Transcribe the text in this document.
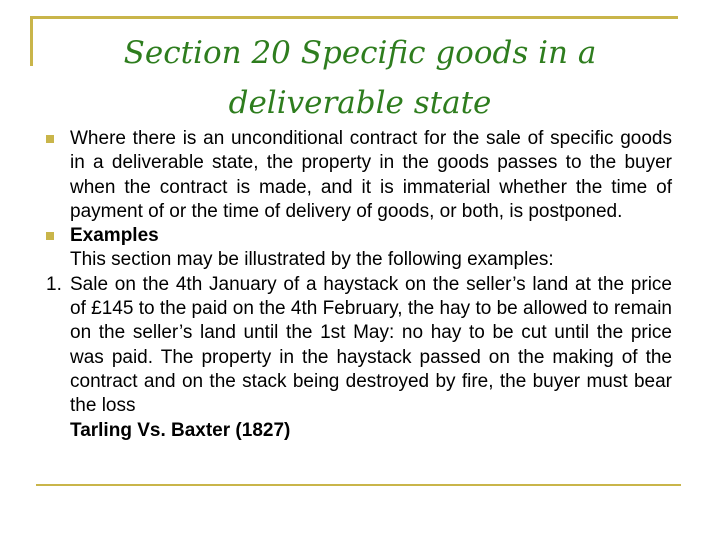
Section 20 Specific goods in a
deliverable state
Where there is an unconditional contract for the sale of specific goods in a deliverable state, the property in the goods passes to the buyer when the contract is made, and it is immaterial whether the time of payment of or the time of delivery of goods, or both, is postponed.
Examples
This section may be illustrated by the following examples:
1. Sale on the 4th January of a haystack on the seller’s land at the price of £145 to the paid on the 4th February, the hay to be allowed to remain on the seller’s land until the 1st May: no hay to be cut until the price was paid. The property in the haystack passed on the making of the contract and on the stack being destroyed by fire, the buyer must bear the loss
Tarling Vs. Baxter (1827)
